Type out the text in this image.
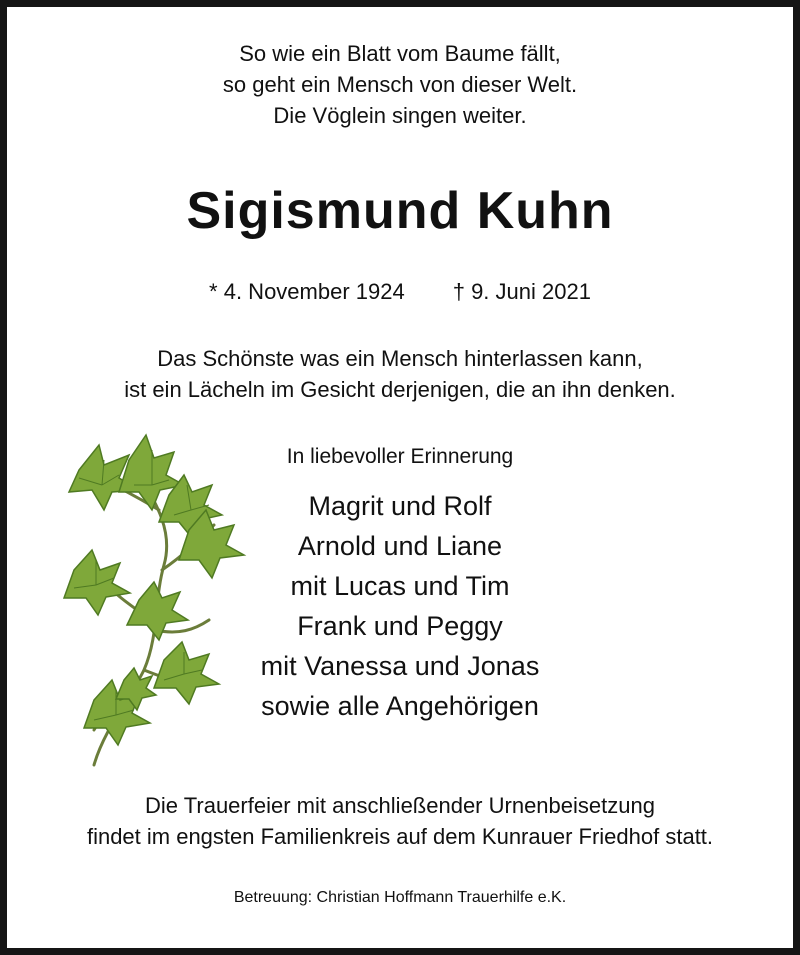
So wie ein Blatt vom Baume fällt,
so geht ein Mensch von dieser Welt.
Die Vöglein singen weiter.
Sigismund Kuhn
* 4. November 1924 † 9. Juni 2021
Das Schönste was ein Mensch hinterlassen kann,
ist ein Lächeln im Gesicht derjenigen, die an ihn denken.
In liebevoller Erinnerung
Magrit und Rolf
Arnold und Liane
mit Lucas und Tim
Frank und Peggy
mit Vanessa und Jonas
sowie alle Angehörigen
Die Trauerfeier mit anschließender Urnenbeisetzung
findet im engsten Familienkreis auf dem Kunrauer Friedhof statt.
Betreuung: Christian Hoffmann Trauerhilfe e.K.
